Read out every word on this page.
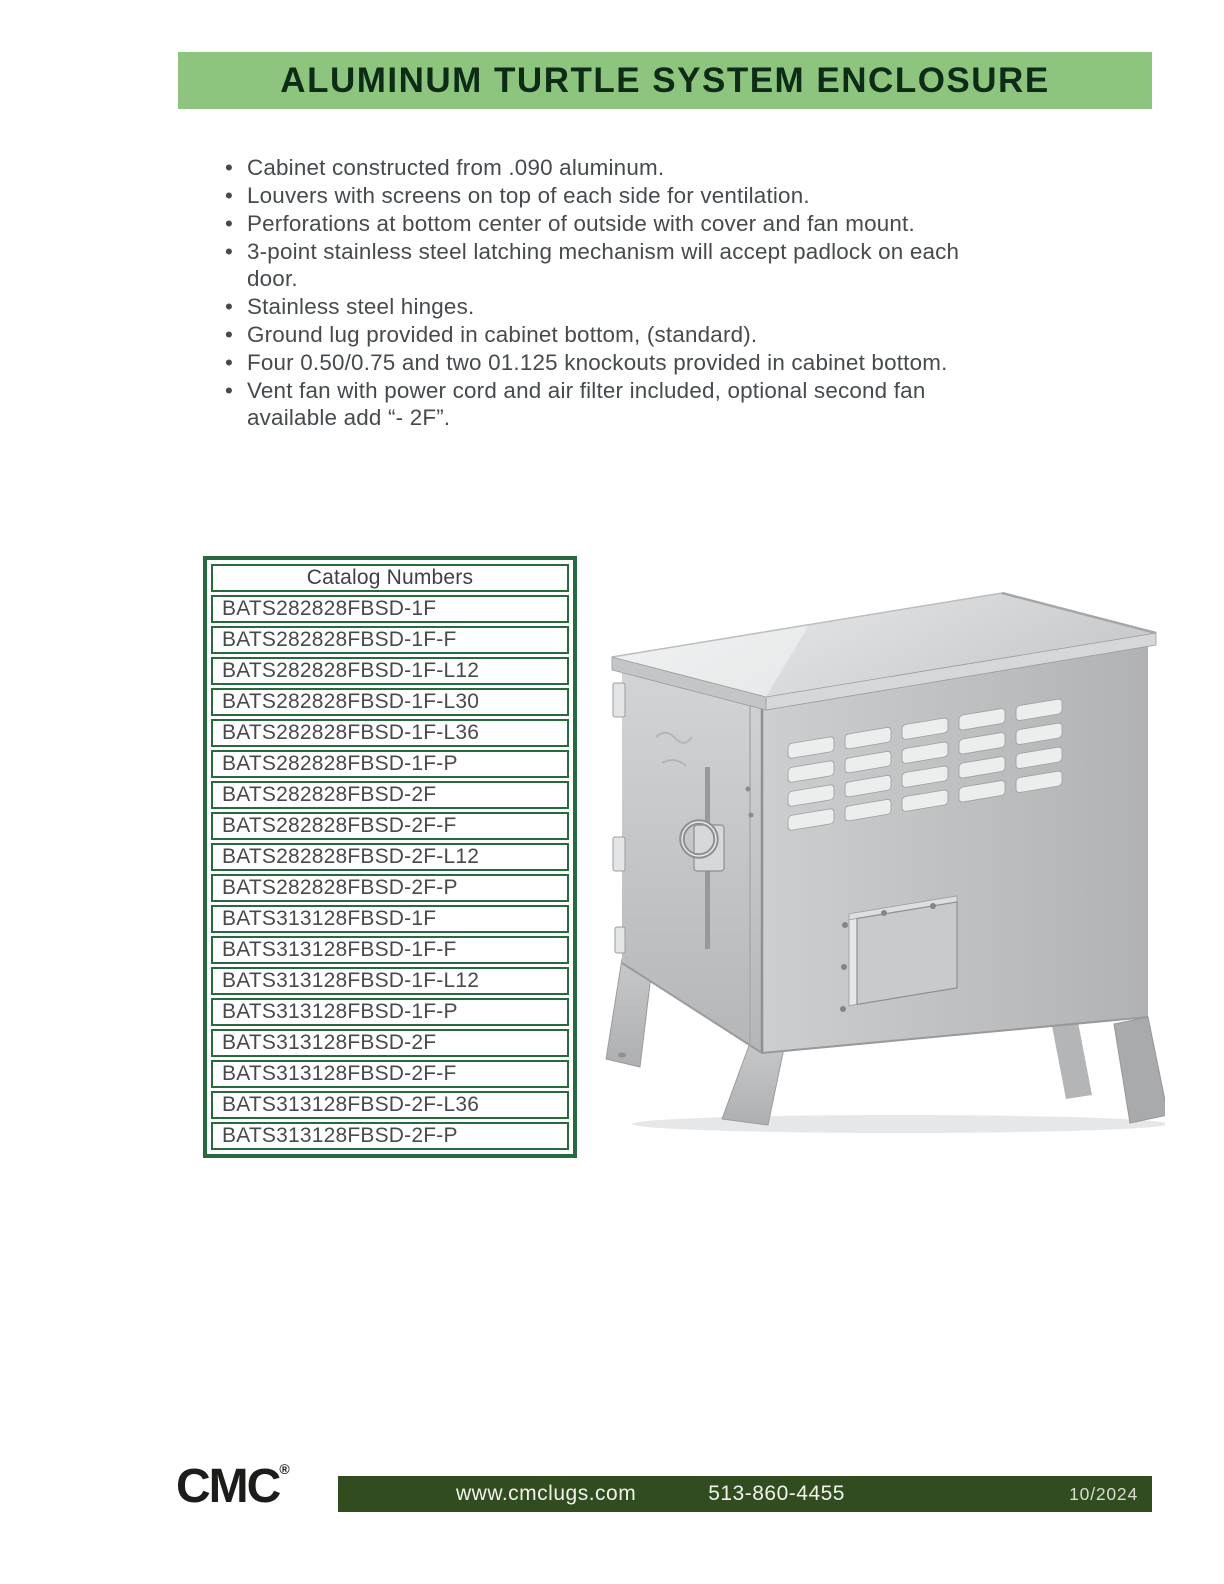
ALUMINUM TURTLE SYSTEM ENCLOSURE
• Cabinet constructed from .090 aluminum.
• Louvers with screens on top of each side for ventilation.
• Perforations at bottom center of outside with cover and fan mount.
• 3-point stainless steel latching mechanism will accept padlock on each door.
• Stainless steel hinges.
• Ground lug provided in cabinet bottom, (standard).
• Four 0.50/0.75 and two 01.125 knockouts provided in cabinet bottom.
• Vent fan with power cord and air filter included, optional second fan available add “- 2F”.
Catalog Numbers
BATS282828FBSD-1F
BATS282828FBSD-1F-F
BATS282828FBSD-1F-L12
BATS282828FBSD-1F-L30
BATS282828FBSD-1F-L36
BATS282828FBSD-1F-P
BATS282828FBSD-2F
BATS282828FBSD-2F-F
BATS282828FBSD-2F-L12
BATS282828FBSD-2F-P
BATS313128FBSD-1F
BATS313128FBSD-1F-F
BATS313128FBSD-1F-L12
BATS313128FBSD-1F-P
BATS313128FBSD-2F
BATS313128FBSD-2F-F
BATS313128FBSD-2F-L36
BATS313128FBSD-2F-P
CMC®
www.cmclugs.com	513-860-4455	10/2024
